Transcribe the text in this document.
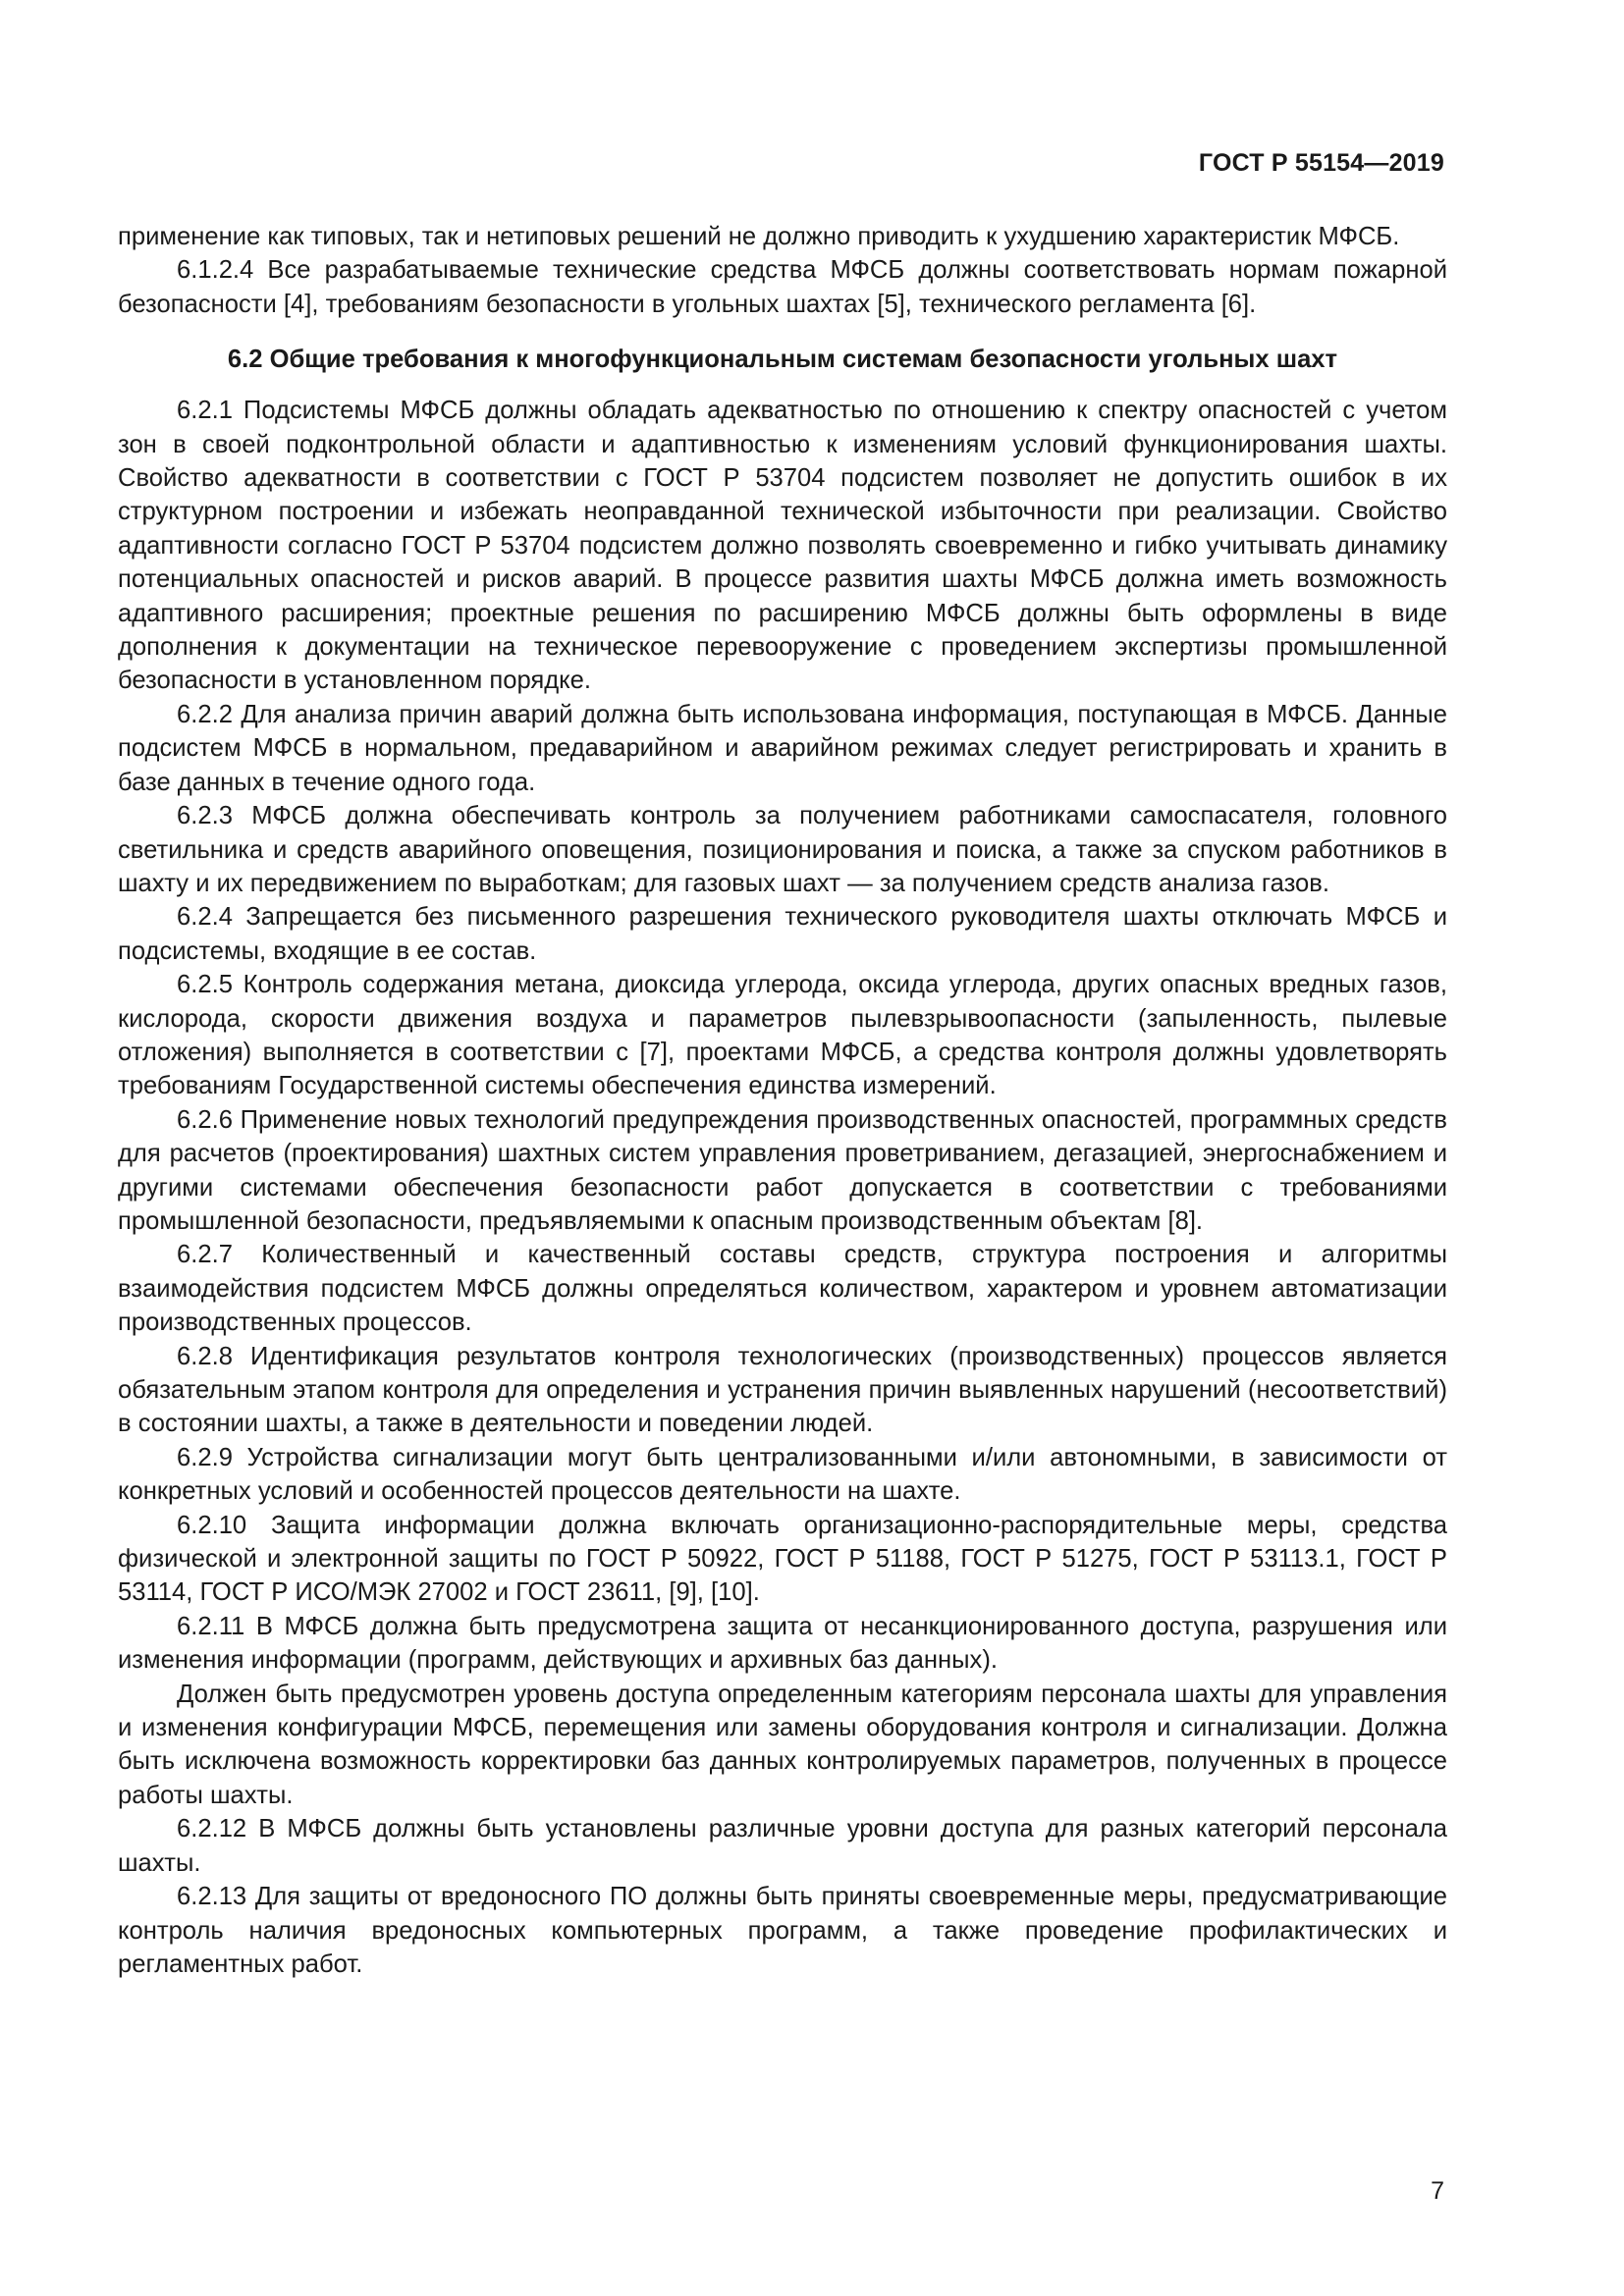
ГОСТ Р 55154—2019

применение как типовых, так и нетиповых решений не должно приводить к ухудшению характеристик МФСБ.

6.1.2.4 Все разрабатываемые технические средства МФСБ должны соответствовать нормам пожарной безопасности [4], требованиям безопасности в угольных шахтах [5], технического регламента [6].

6.2 Общие требования к многофункциональным системам безопасности угольных шахт

6.2.1 Подсистемы МФСБ должны обладать адекватностью по отношению к спектру опасностей с учетом зон в своей подконтрольной области и адаптивностью к изменениям условий функционирования шахты. Свойство адекватности в соответствии с ГОСТ Р 53704 подсистем позволяет не допустить ошибок в их структурном построении и избежать неоправданной технической избыточности при реализации. Свойство адаптивности согласно ГОСТ Р 53704 подсистем должно позволять своевременно и гибко учитывать динамику потенциальных опасностей и рисков аварий. В процессе развития шахты МФСБ должна иметь возможность адаптивного расширения; проектные решения по расширению МФСБ должны быть оформлены в виде дополнения к документации на техническое перевооружение с проведением экспертизы промышленной безопасности в установленном порядке.

6.2.2 Для анализа причин аварий должна быть использована информация, поступающая в МФСБ. Данные подсистем МФСБ в нормальном, предаварийном и аварийном режимах следует регистрировать и хранить в базе данных в течение одного года.

6.2.3 МФСБ должна обеспечивать контроль за получением работниками самоспасателя, головного светильника и средств аварийного оповещения, позиционирования и поиска, а также за спуском работников в шахту и их передвижением по выработкам; для газовых шахт — за получением средств анализа газов.

6.2.4 Запрещается без письменного разрешения технического руководителя шахты отключать МФСБ и подсистемы, входящие в ее состав.

6.2.5 Контроль содержания метана, диоксида углерода, оксида углерода, других опасных вредных газов, кислорода, скорости движения воздуха и параметров пылевзрывоопасности (запыленность, пылевые отложения) выполняется в соответствии с [7], проектами МФСБ, а средства контроля должны удовлетворять требованиям Государственной системы обеспечения единства измерений.

6.2.6 Применение новых технологий предупреждения производственных опасностей, программных средств для расчетов (проектирования) шахтных систем управления проветриванием, дегазацией, энергоснабжением и другими системами обеспечения безопасности работ допускается в соответствии с требованиями промышленной безопасности, предъявляемыми к опасным производственным объектам [8].

6.2.7 Количественный и качественный составы средств, структура построения и алгоритмы взаимодействия подсистем МФСБ должны определяться количеством, характером и уровнем автоматизации производственных процессов.

6.2.8 Идентификация результатов контроля технологических (производственных) процессов является обязательным этапом контроля для определения и устранения причин выявленных нарушений (несоответствий) в состоянии шахты, а также в деятельности и поведении людей.

6.2.9 Устройства сигнализации могут быть централизованными и/или автономными, в зависимости от конкретных условий и особенностей процессов деятельности на шахте.

6.2.10 Защита информации должна включать организационно-распорядительные меры, средства физической и электронной защиты по ГОСТ Р 50922, ГОСТ Р 51188, ГОСТ Р 51275, ГОСТ Р 53113.1, ГОСТ Р 53114, ГОСТ Р ИСО/МЭК 27002 и ГОСТ 23611, [9], [10].

6.2.11 В МФСБ должна быть предусмотрена защита от несанкционированного доступа, разрушения или изменения информации (программ, действующих и архивных баз данных).

Должен быть предусмотрен уровень доступа определенным категориям персонала шахты для управления и изменения конфигурации МФСБ, перемещения или замены оборудования контроля и сигнализации. Должна быть исключена возможность корректировки баз данных контролируемых параметров, полученных в процессе работы шахты.

6.2.12 В МФСБ должны быть установлены различные уровни доступа для разных категорий персонала шахты.

6.2.13 Для защиты от вредоносного ПО должны быть приняты своевременные меры, предусматривающие контроль наличия вредоносных компьютерных программ, а также проведение профилактических и регламентных работ.

7
